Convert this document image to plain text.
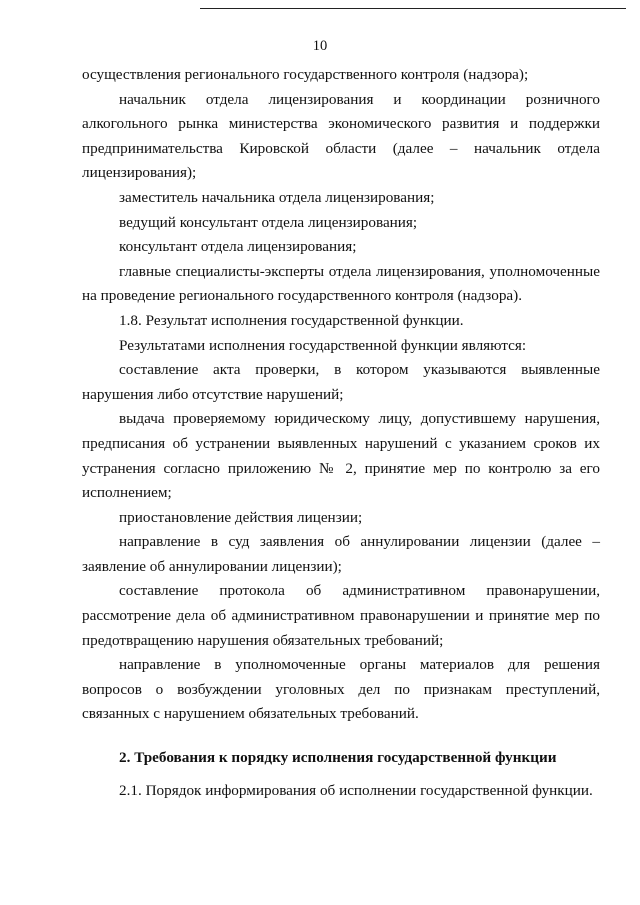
10

осуществления регионального государственного контроля (надзора);

начальник отдела лицензирования и координации розничного алкогольного рынка министерства экономического развития и поддержки предпринимательства Кировской области (далее – начальник отдела лицензирования);

заместитель начальника отдела лицензирования;

ведущий консультант отдела лицензирования;

консультант отдела лицензирования;

главные специалисты-эксперты отдела лицензирования, уполномоченные на проведение регионального государственного контроля (надзора).

1.8. Результат исполнения государственной функции.

Результатами исполнения государственной функции являются:

составление акта проверки, в котором указываются выявленные нарушения либо отсутствие нарушений;

выдача проверяемому юридическому лицу, допустившему нарушения, предписания об устранении выявленных нарушений с указанием сроков их устранения согласно приложению № 2, принятие мер по контролю за его исполнением;

приостановление действия лицензии;

направление в суд заявления об аннулировании лицензии (далее – заявление об аннулировании лицензии);

составление протокола об административном правонарушении, рассмотрение дела об административном правонарушении и принятие мер по предотвращению нарушения обязательных требований;

направление в уполномоченные органы материалов для решения вопросов о возбуждении уголовных дел по признакам преступлений, связанных с нарушением обязательных требований.

2. Требования к порядку исполнения государственной функции

2.1. Порядок информирования об исполнении государственной функции.
